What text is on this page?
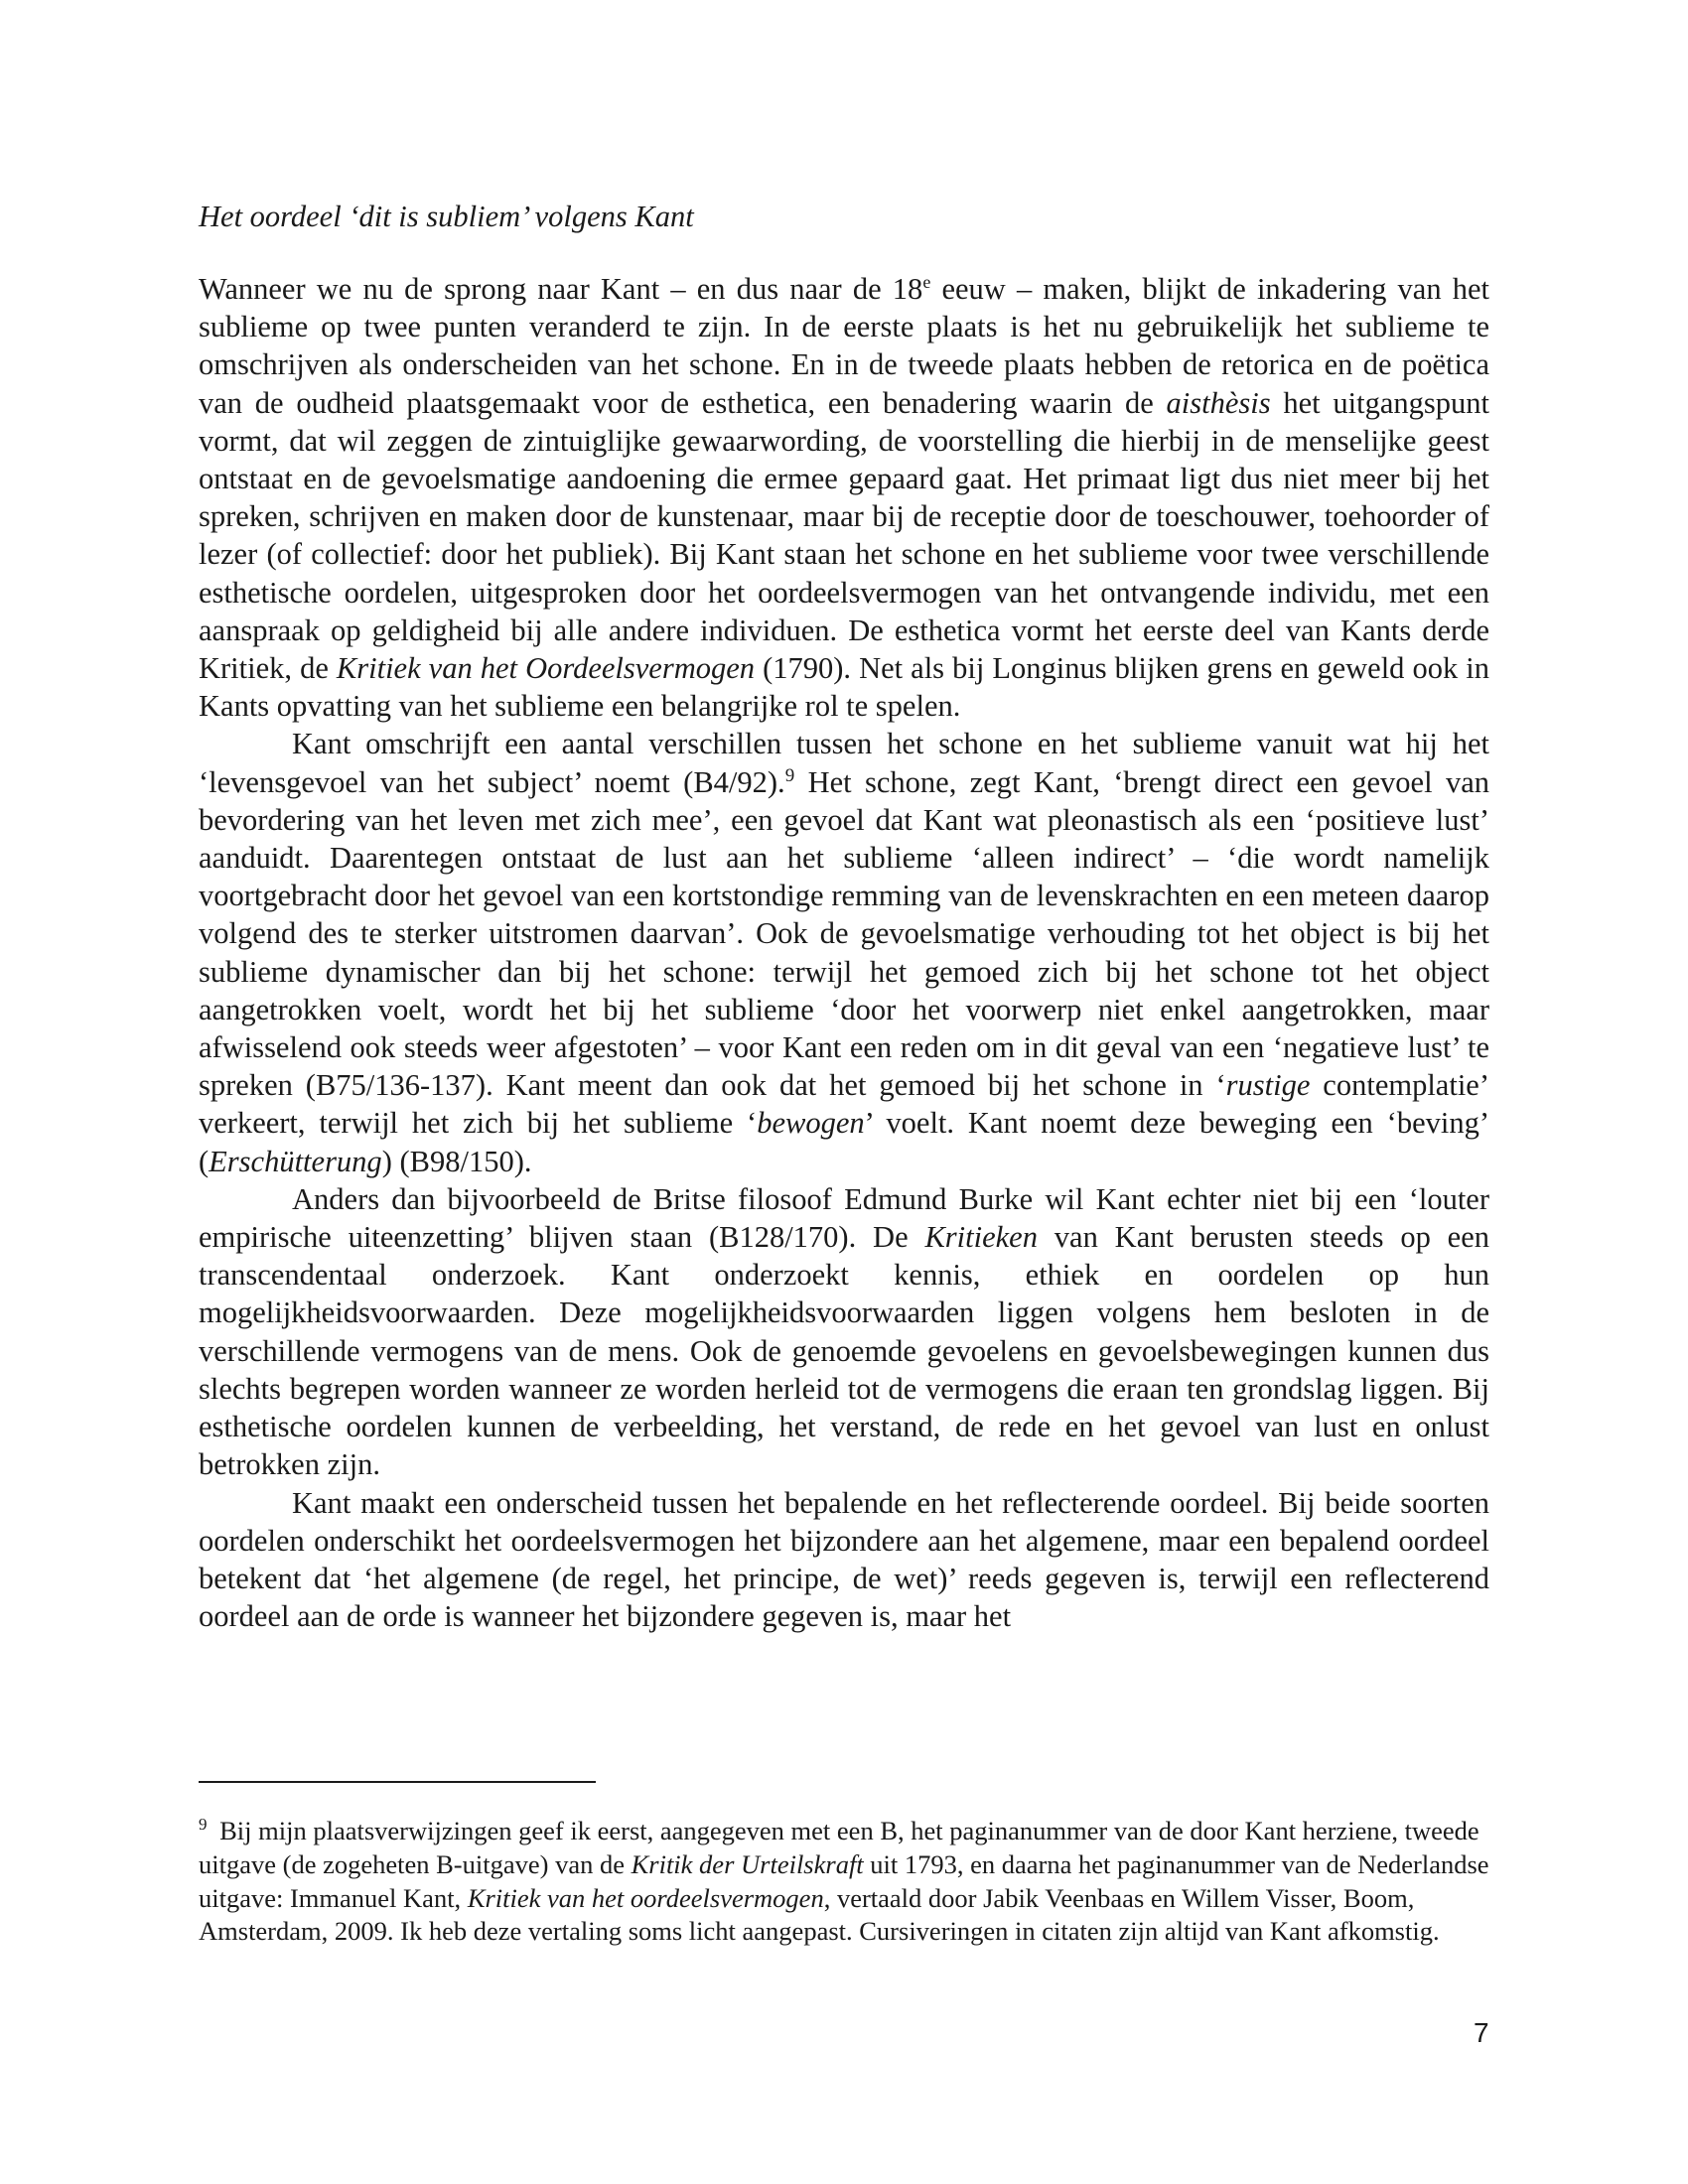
Het oordeel ‘dit is subliem’ volgens Kant

Wanneer we nu de sprong naar Kant – en dus naar de 18e eeuw – maken, blijkt de inkadering van het sublieme op twee punten veranderd te zijn. In de eerste plaats is het nu gebruikelijk het sublieme te omschrijven als onderscheiden van het schone. En in de tweede plaats hebben de retorica en de poëtica van de oudheid plaatsgemaakt voor de esthetica, een benadering waarin de aisthèsis het uitgangspunt vormt, dat wil zeggen de zintuiglijke gewaarwording, de voorstelling die hierbij in de menselijke geest ontstaat en de gevoelsmatige aandoening die ermee gepaard gaat. Het primaat ligt dus niet meer bij het spreken, schrijven en maken door de kunstenaar, maar bij de receptie door de toeschouwer, toehoorder of lezer (of collectief: door het publiek). Bij Kant staan het schone en het sublieme voor twee verschillende esthetische oordelen, uitgesproken door het oordeelsvermogen van het ontvangende individu, met een aanspraak op geldigheid bij alle andere individuen. De esthetica vormt het eerste deel van Kants derde Kritiek, de Kritiek van het Oordeelsvermogen (1790). Net als bij Longinus blijken grens en geweld ook in Kants opvatting van het sublieme een belangrijke rol te spelen.

Kant omschrijft een aantal verschillen tussen het schone en het sublieme vanuit wat hij het ‘levensgevoel van het subject’ noemt (B4/92).$^9$ Het schone, zegt Kant, ‘brengt direct een gevoel van bevordering van het leven met zich mee’, een gevoel dat Kant wat pleonastisch als een ‘positieve lust’ aanduidt. Daarentegen ontstaat de lust aan het sublieme ‘alleen indirect’ – ‘die wordt namelijk voortgebracht door het gevoel van een kortstondige remming van de levenskrachten en een meteen daarop volgend des te sterker uitstromen daarvan’. Ook de gevoelsmatige verhouding tot het object is bij het sublieme dynamischer dan bij het schone: terwijl het gemoed zich bij het schone tot het object aangetrokken voelt, wordt het bij het sublieme ‘door het voorwerp niet enkel aangetrokken, maar afwisselend ook steeds weer afgestoten’ – voor Kant een reden om in dit geval van een ‘negatieve lust’ te spreken (B75/136-137). Kant meent dan ook dat het gemoed bij het schone in ‘rustige contemplatie’ verkeert, terwijl het zich bij het sublieme ‘bewogen’ voelt. Kant noemt deze beweging een ‘beving’ (Erschütterung) (B98/150).

Anders dan bijvoorbeeld de Britse filosoof Edmund Burke wil Kant echter niet bij een ‘louter empirische uiteenzetting’ blijven staan (B128/170). De Kritieken van Kant berusten steeds op een transcendentaal onderzoek. Kant onderzoekt kennis, ethiek en oordelen op hun mogelijkheidsvoorwaarden. Deze mogelijkheidsvoorwaarden liggen volgens hem besloten in de verschillende vermogens van de mens. Ook de genoemde gevoelens en gevoelsbewegingen kunnen dus slechts begrepen worden wanneer ze worden herleid tot de vermogens die eraan ten grondslag liggen. Bij esthetische oordelen kunnen de verbeelding, het verstand, de rede en het gevoel van lust en onlust betrokken zijn.

Kant maakt een onderscheid tussen het bepalende en het reflecterende oordeel. Bij beide soorten oordelen onderschikt het oordeelsvermogen het bijzondere aan het algemene, maar een bepalend oordeel betekent dat ‘het algemene (de regel, het principe, de wet)’ reeds gegeven is, terwijl een reflecterend oordeel aan de orde is wanneer het bijzondere gegeven is, maar het

$^9$ Bij mijn plaatsverwijzingen geef ik eerst, aangegeven met een B, het paginanummer van de door Kant herziene, tweede uitgave (de zogeheten B-uitgave) van de Kritik der Urteilskraft uit 1793, en daarna het paginanummer van de Nederlandse uitgave: Immanuel Kant, Kritiek van het oordeelsvermogen, vertaald door Jabik Veenbaas en Willem Visser, Boom, Amsterdam, 2009. Ik heb deze vertaling soms licht aangepast. Cursiveringen in citaten zijn altijd van Kant afkomstig.

7
